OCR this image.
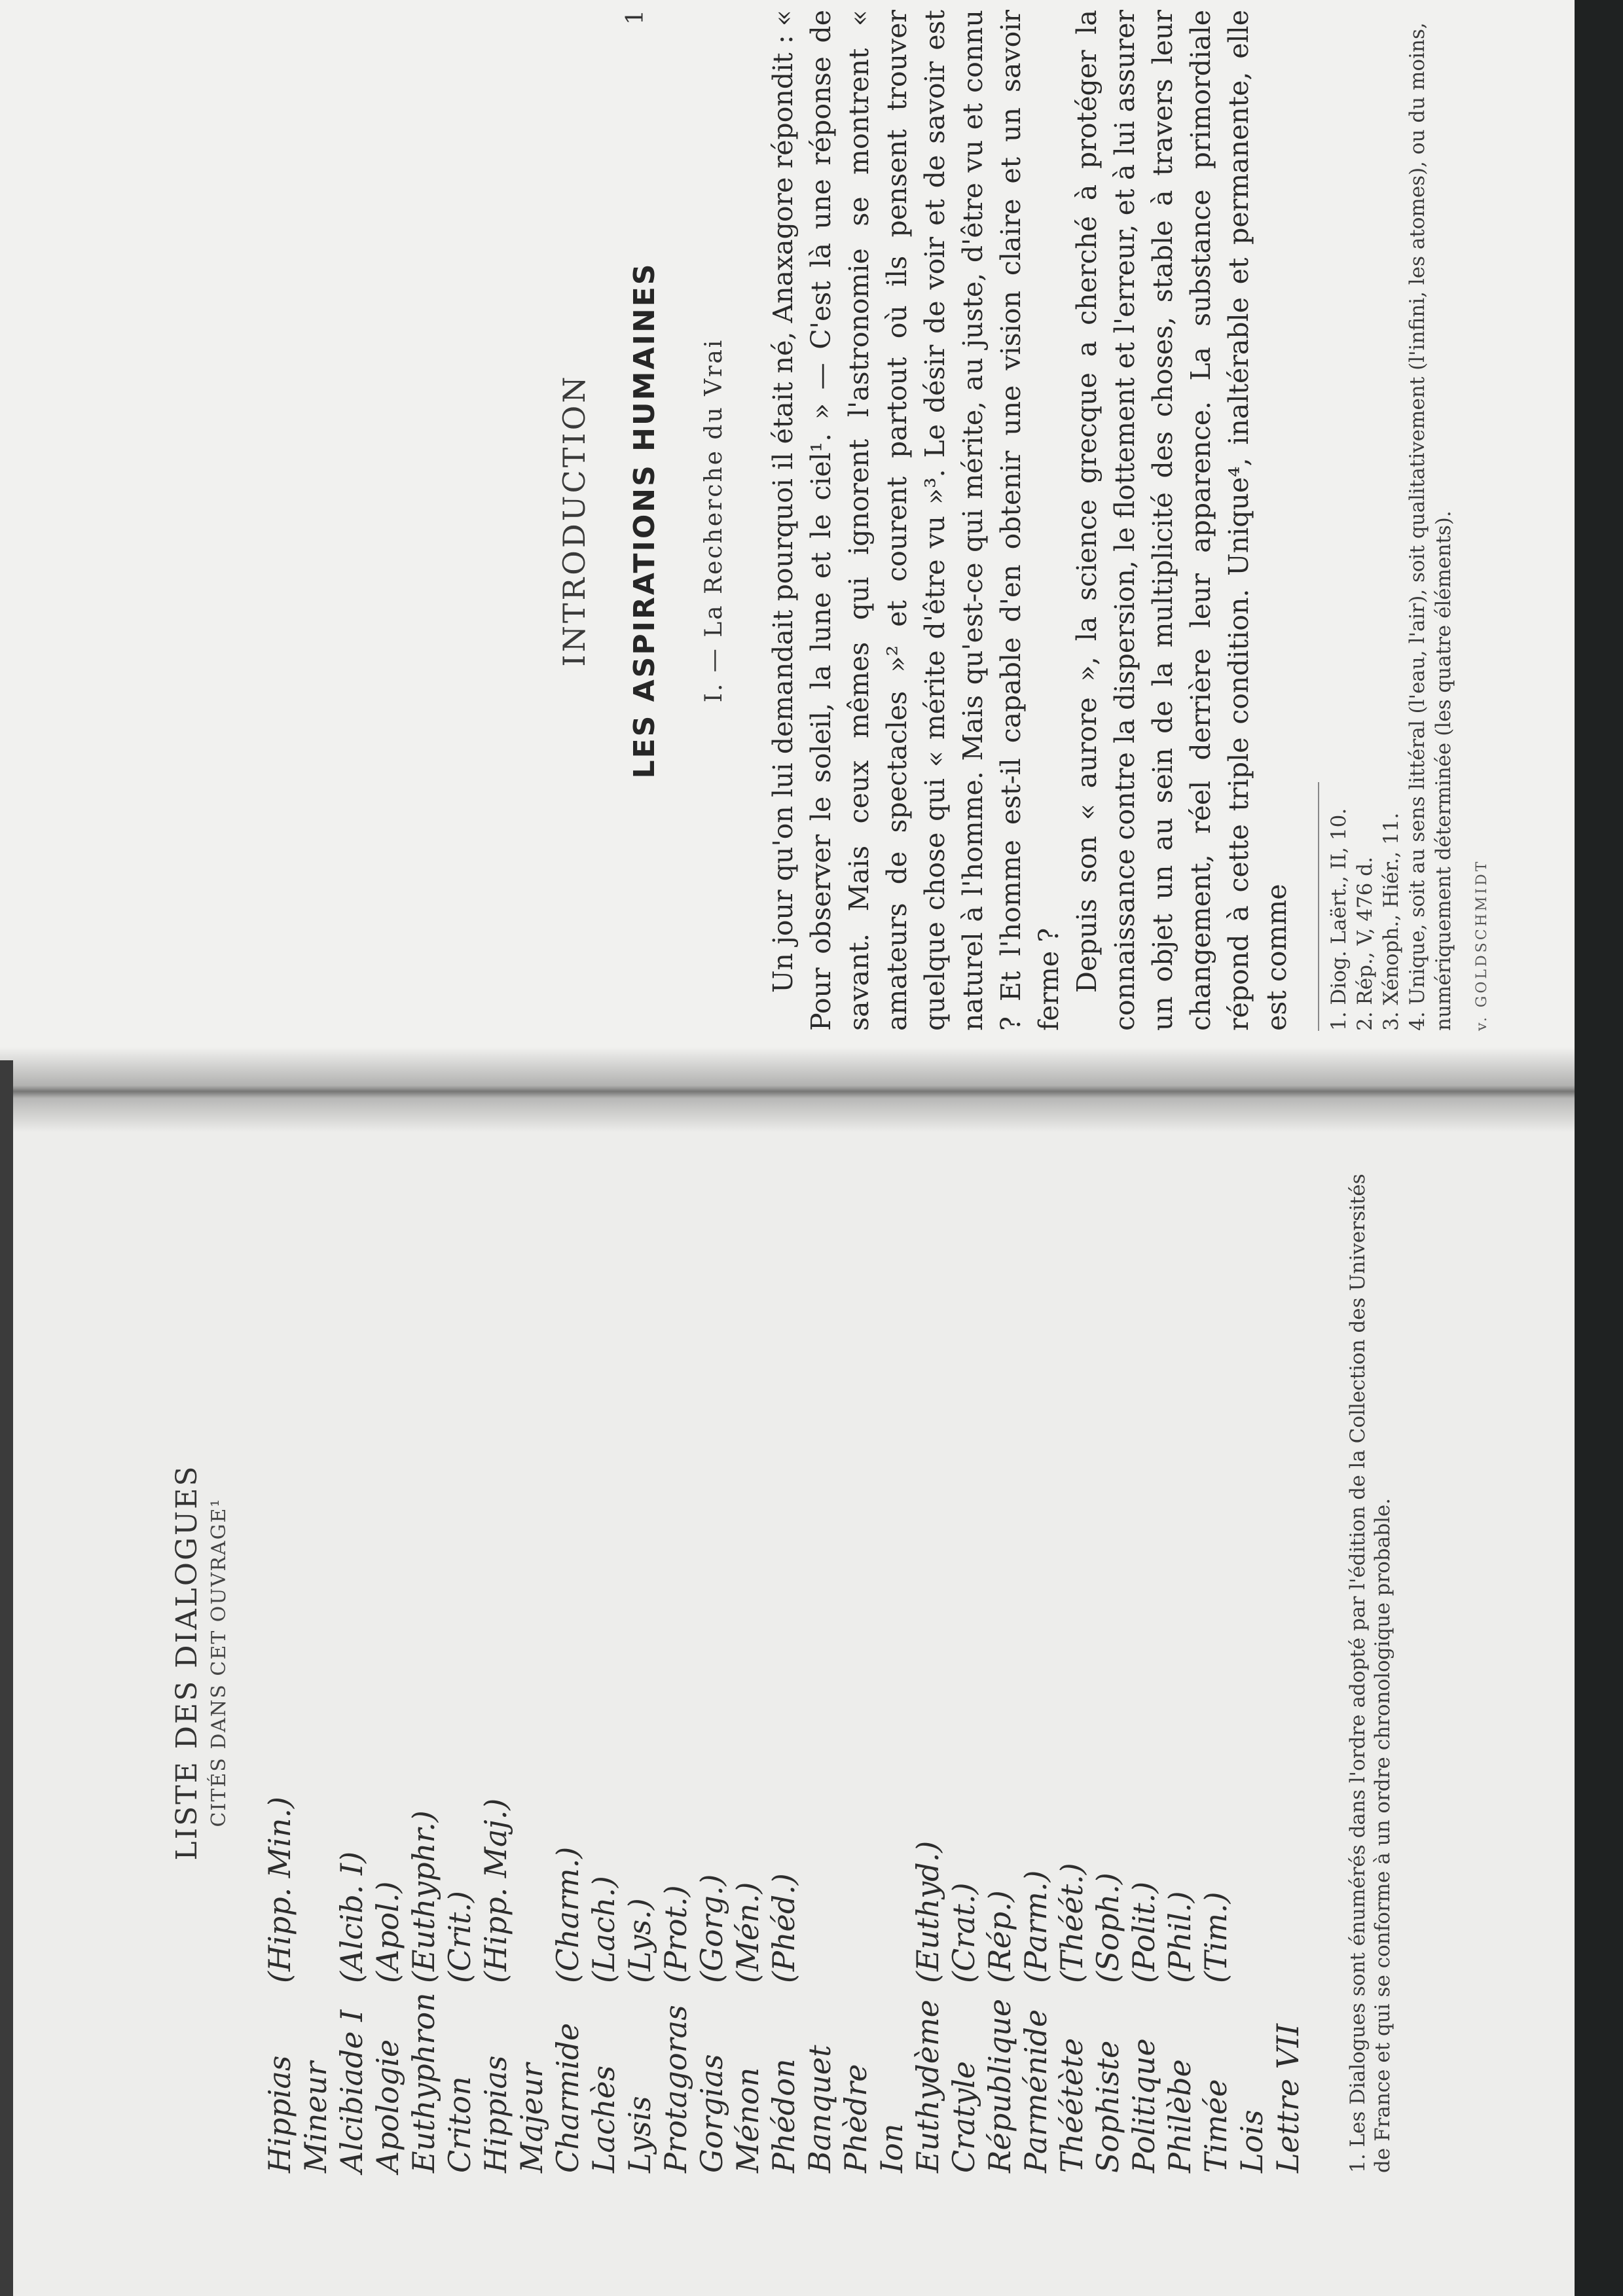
1
INTRODUCTION LES ASPIRATIONS HUMAINES I. — La Recherche du Vrai Un jour qu'on lui demandait pourquoi il était né, Anaxagore répondit : « Pour observer le soleil, la lune et le ciel¹. » — C'est là une réponse de savant. Mais ceux mêmes qui ignorent l'astronomie se montrent « amateurs de spectacles »² et courent partout où ils pensent trouver quelque chose qui « mérite d'être vu »³. Le désir de voir et de savoir est naturel à l'homme. Mais qu'est-ce qui mérite, au juste, d'être vu et connu ? Et l'homme est-il capable d'en obtenir une vision claire et un savoir ferme ? Depuis son « aurore », la science grecque a cherché à protéger la connaissance contre la dispersion, le flottement et l'erreur, et à lui assurer un objet un au sein de la multiplicité des choses, stable à travers leur changement, réel derrière leur apparence. La substance primordiale répond à cette triple condition. Unique⁴, inaltérable et permanente, elle est comme 1. Diog. Laërt., II, 10. 2. Rép., V, 476 d. 3. Xénoph., Hiér., 11. 4. Unique, soit au sens littéral (l'eau, l'air), soit qualitativement (l'infini, les atomes), ou du moins, numériquement déterminée (les quatre éléments). v. GOLDSCHMIDT
LISTE DES DIALOGUES CITÉS DANS CET OUVRAGE¹
Hippias Mineur
(Hipp. Min.)
Alcibiade I
(Alcib. I)
Apologie
(Apol.)
Euthyphron
(Euthyphr.)
Criton
(Crit.)
Hippias Majeur
(Hipp. Maj.)
Charmide
(Charm.)
Lachès
(Lach.)
Lysis
(Lys.)
Protagoras
(Prot.)
Gorgias
(Gorg.)
Ménon
(Mén.)
Phédon
(Phéd.)
Banquet Phèdre Ion Euthydème
(Euthyd.)
Cratyle
(Crat.)
République
(Rép.)
Parménide
(Parm.)
Théétète
(Théét.)
Sophiste
(Soph.)
Politique
(Polit.)
Philèbe
(Phil.)
Timée
(Tim.)
Lois Lettre VII 1. Les Dialogues sont énumérés dans l'ordre adopté par l'édition de la Collection des Universités de France et qui se conforme à un ordre chronologique probable.
